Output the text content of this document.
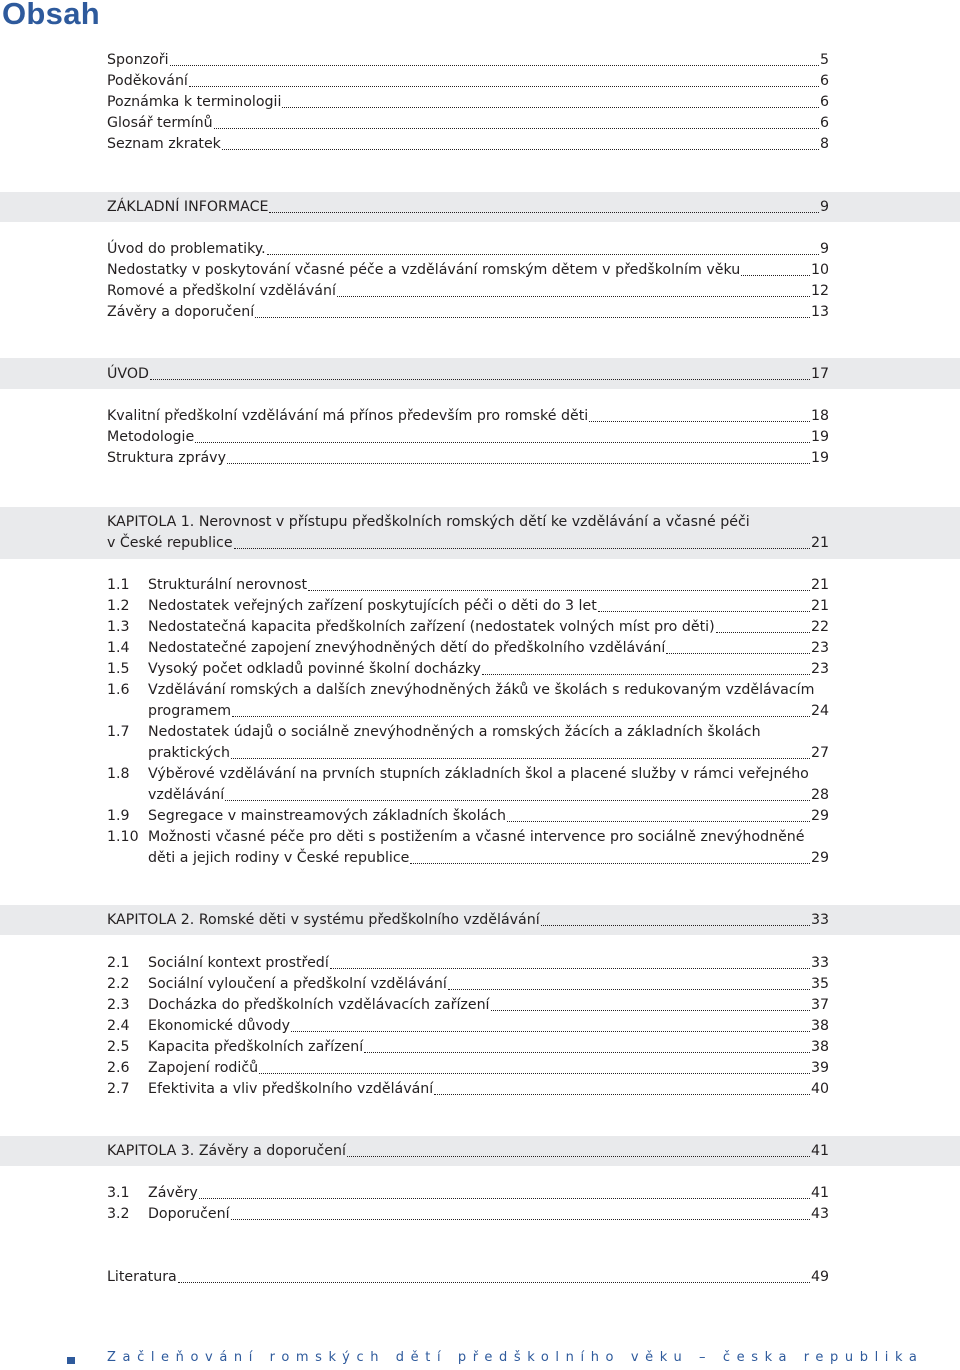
Obsah
Sponzoři	5
Poděkování	6
Poznámka k terminologii	6
Glosář termínů	6
Seznam zkratek	8
ZÁKLADNÍ INFORMACE	9
Úvod do problematiky.	9
Nedostatky v poskytování včasné péče a vzdělávání romským dětem v předškolním věku	10
Romové a předškolní vzdělávání	12
Závěry a doporučení	13
ÚVOD	17
Kvalitní předškolní vzdělávání má přínos především pro romské děti	18
Metodologie	19
Struktura zprávy	19
KAPITOLA 1. Nerovnost v přístupu předškolních romských dětí ke vzdělávání a včasné péči
v České republice	21
1.1	Strukturální nerovnost	21
1.2	Nedostatek veřejných zařízení poskytujících péči o děti do 3 let	21
1.3	Nedostatečná kapacita předškolních zařízení (nedostatek volných míst pro děti)	22
1.4	Nedostatečné zapojení znevýhodněných dětí do předškolního vzdělávání	23
1.5	Vysoký počet odkladů povinné školní docházky	23
1.6 Vzdělávání romských a dalších znevýhodněných žáků ve školách s redukovaným vzdělávacím
programem	24
1.7 Nedostatek údajů o sociálně znevýhodněných a romských žácích a základních školách
praktických	27
1.8 Výběrové vzdělávání na prvních stupních základních škol a placené služby v rámci veřejného
vzdělávání	28
1.9	Segregace v mainstreamových základních školách	29
1.10 Možnosti včasné péče pro děti s postižením a včasné intervence pro sociálně znevýhodněné
děti a jejich rodiny v České republice	29
KAPITOLA 2. Romské děti v systému předškolního vzdělávání	33
2.1	Sociální kontext prostředí	33
2.2	Sociální vyloučení a předškolní vzdělávání	35
2.3	Docházka do předškolních vzdělávacích zařízení	37
2.4	Ekonomické důvody	38
2.5	Kapacita předškolních zařízení	38
2.6	Zapojení rodičů	39
2.7	Efektivita a vliv předškolního vzdělávání	40
KAPITOLA 3. Závěry a doporučení	41
3.1	Závěry	41
3.2	Doporučení	43
Literatura	49
Začleňování romských dětí předškolního věku – česka republika
